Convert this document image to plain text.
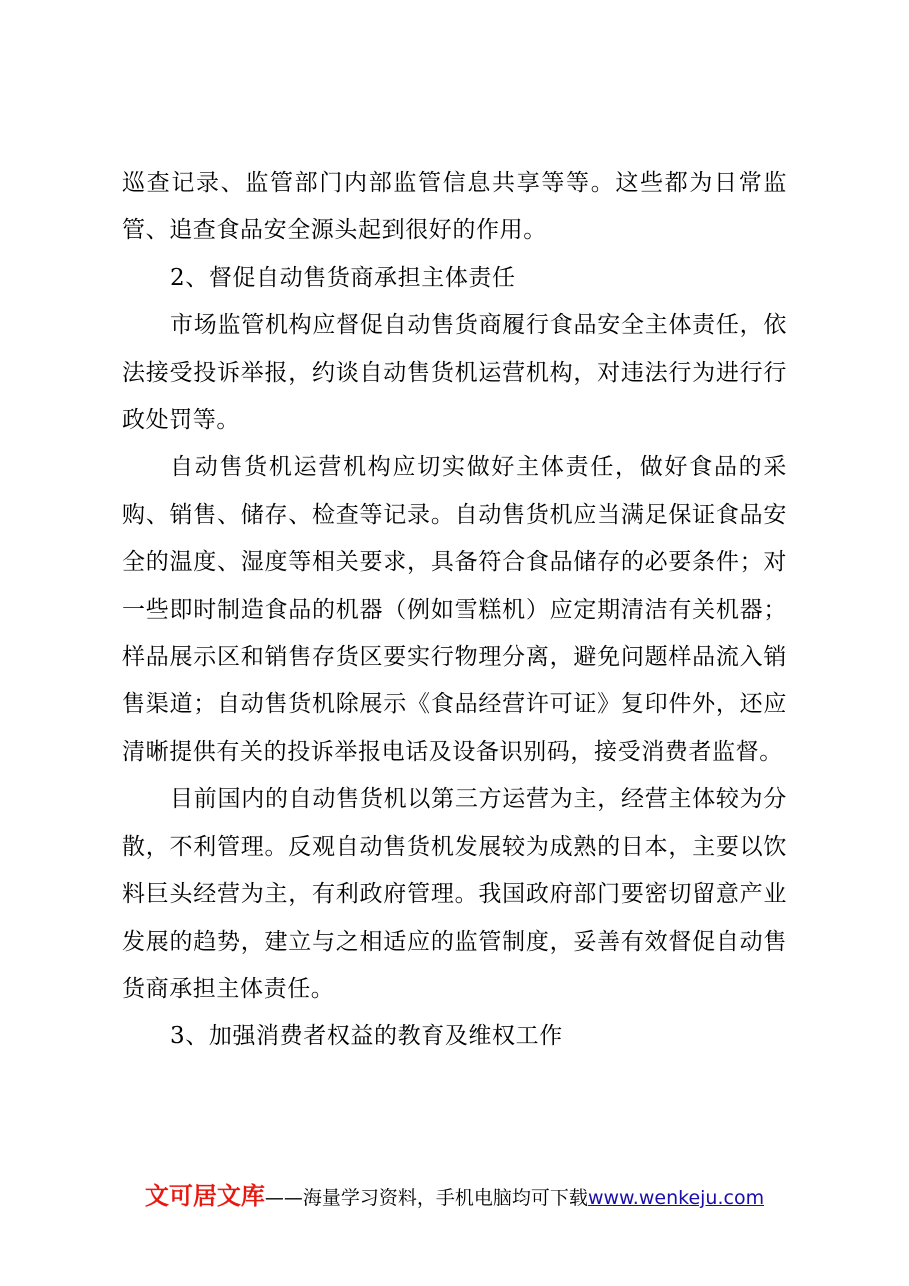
巡查记录、监管部门内部监管信息共享等等。这些都为日常监管、追查食品安全源头起到很好的作用。

2、督促自动售货商承担主体责任

市场监管机构应督促自动售货商履行食品安全主体责任，依法接受投诉举报，约谈自动售货机运营机构，对违法行为进行行政处罚等。

自动售货机运营机构应切实做好主体责任，做好食品的采购、销售、储存、检查等记录。自动售货机应当满足保证食品安全的温度、湿度等相关要求，具备符合食品储存的必要条件；对一些即时制造食品的机器（例如雪糕机）应定期清洁有关机器；样品展示区和销售存货区要实行物理分离，避免问题样品流入销售渠道；自动售货机除展示《食品经营许可证》复印件外，还应清晰提供有关的投诉举报电话及设备识别码，接受消费者监督。

目前国内的自动售货机以第三方运营为主，经营主体较为分散，不利管理。反观自动售货机发展较为成熟的日本，主要以饮料巨头经营为主，有利政府管理。我国政府部门要密切留意产业发展的趋势，建立与之相适应的监管制度，妥善有效督促自动售货商承担主体责任。

3、加强消费者权益的教育及维权工作

文可居文库——海量学习资料，手机电脑均可下载www.wenkeju.com
